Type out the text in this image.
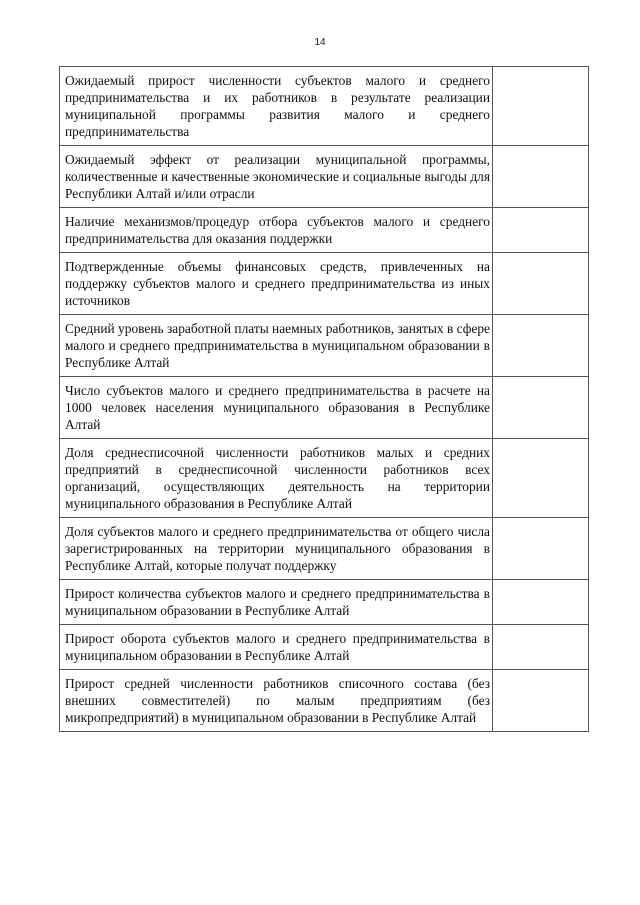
14
Ожидаемый прирост численности субъектов малого и среднего предпринимательства и их работников в результате реализации муниципальной программы развития малого и среднего предпринимательства	
Ожидаемый эффект от реализации муниципальной программы, количественные и качественные экономические и социальные выгоды для Республики Алтай и/или отрасли	
Наличие механизмов/процедур отбора субъектов малого и среднего предпринимательства для оказания поддержки	
Подтвержденные объемы финансовых средств, привлеченных на поддержку субъектов малого и среднего предпринимательства из иных источников	
Средний уровень заработной платы наемных работников, занятых в сфере малого и среднего предпринимательства в муниципальном образовании в Республике Алтай	
Число субъектов малого и среднего предпринимательства в расчете на 1000 человек населения муниципального образования в Республике Алтай	
Доля среднесписочной численности работников малых и средних предприятий в среднесписочной численности работников всех организаций, осуществляющих деятельность на территории муниципального образования в Республике Алтай	
Доля субъектов малого и среднего предпринимательства от общего числа зарегистрированных на территории муниципального образования в Республике Алтай, которые получат поддержку	
Прирост количества субъектов малого и среднего предпринимательства в муниципальном образовании в Республике Алтай	
Прирост оборота субъектов малого и среднего предпринимательства в муниципальном образовании в Республике Алтай	
Прирост средней численности работников списочного состава (без внешних совместителей) по малым предприятиям (без микропредприятий) в муниципальном образовании в Республике Алтай	
